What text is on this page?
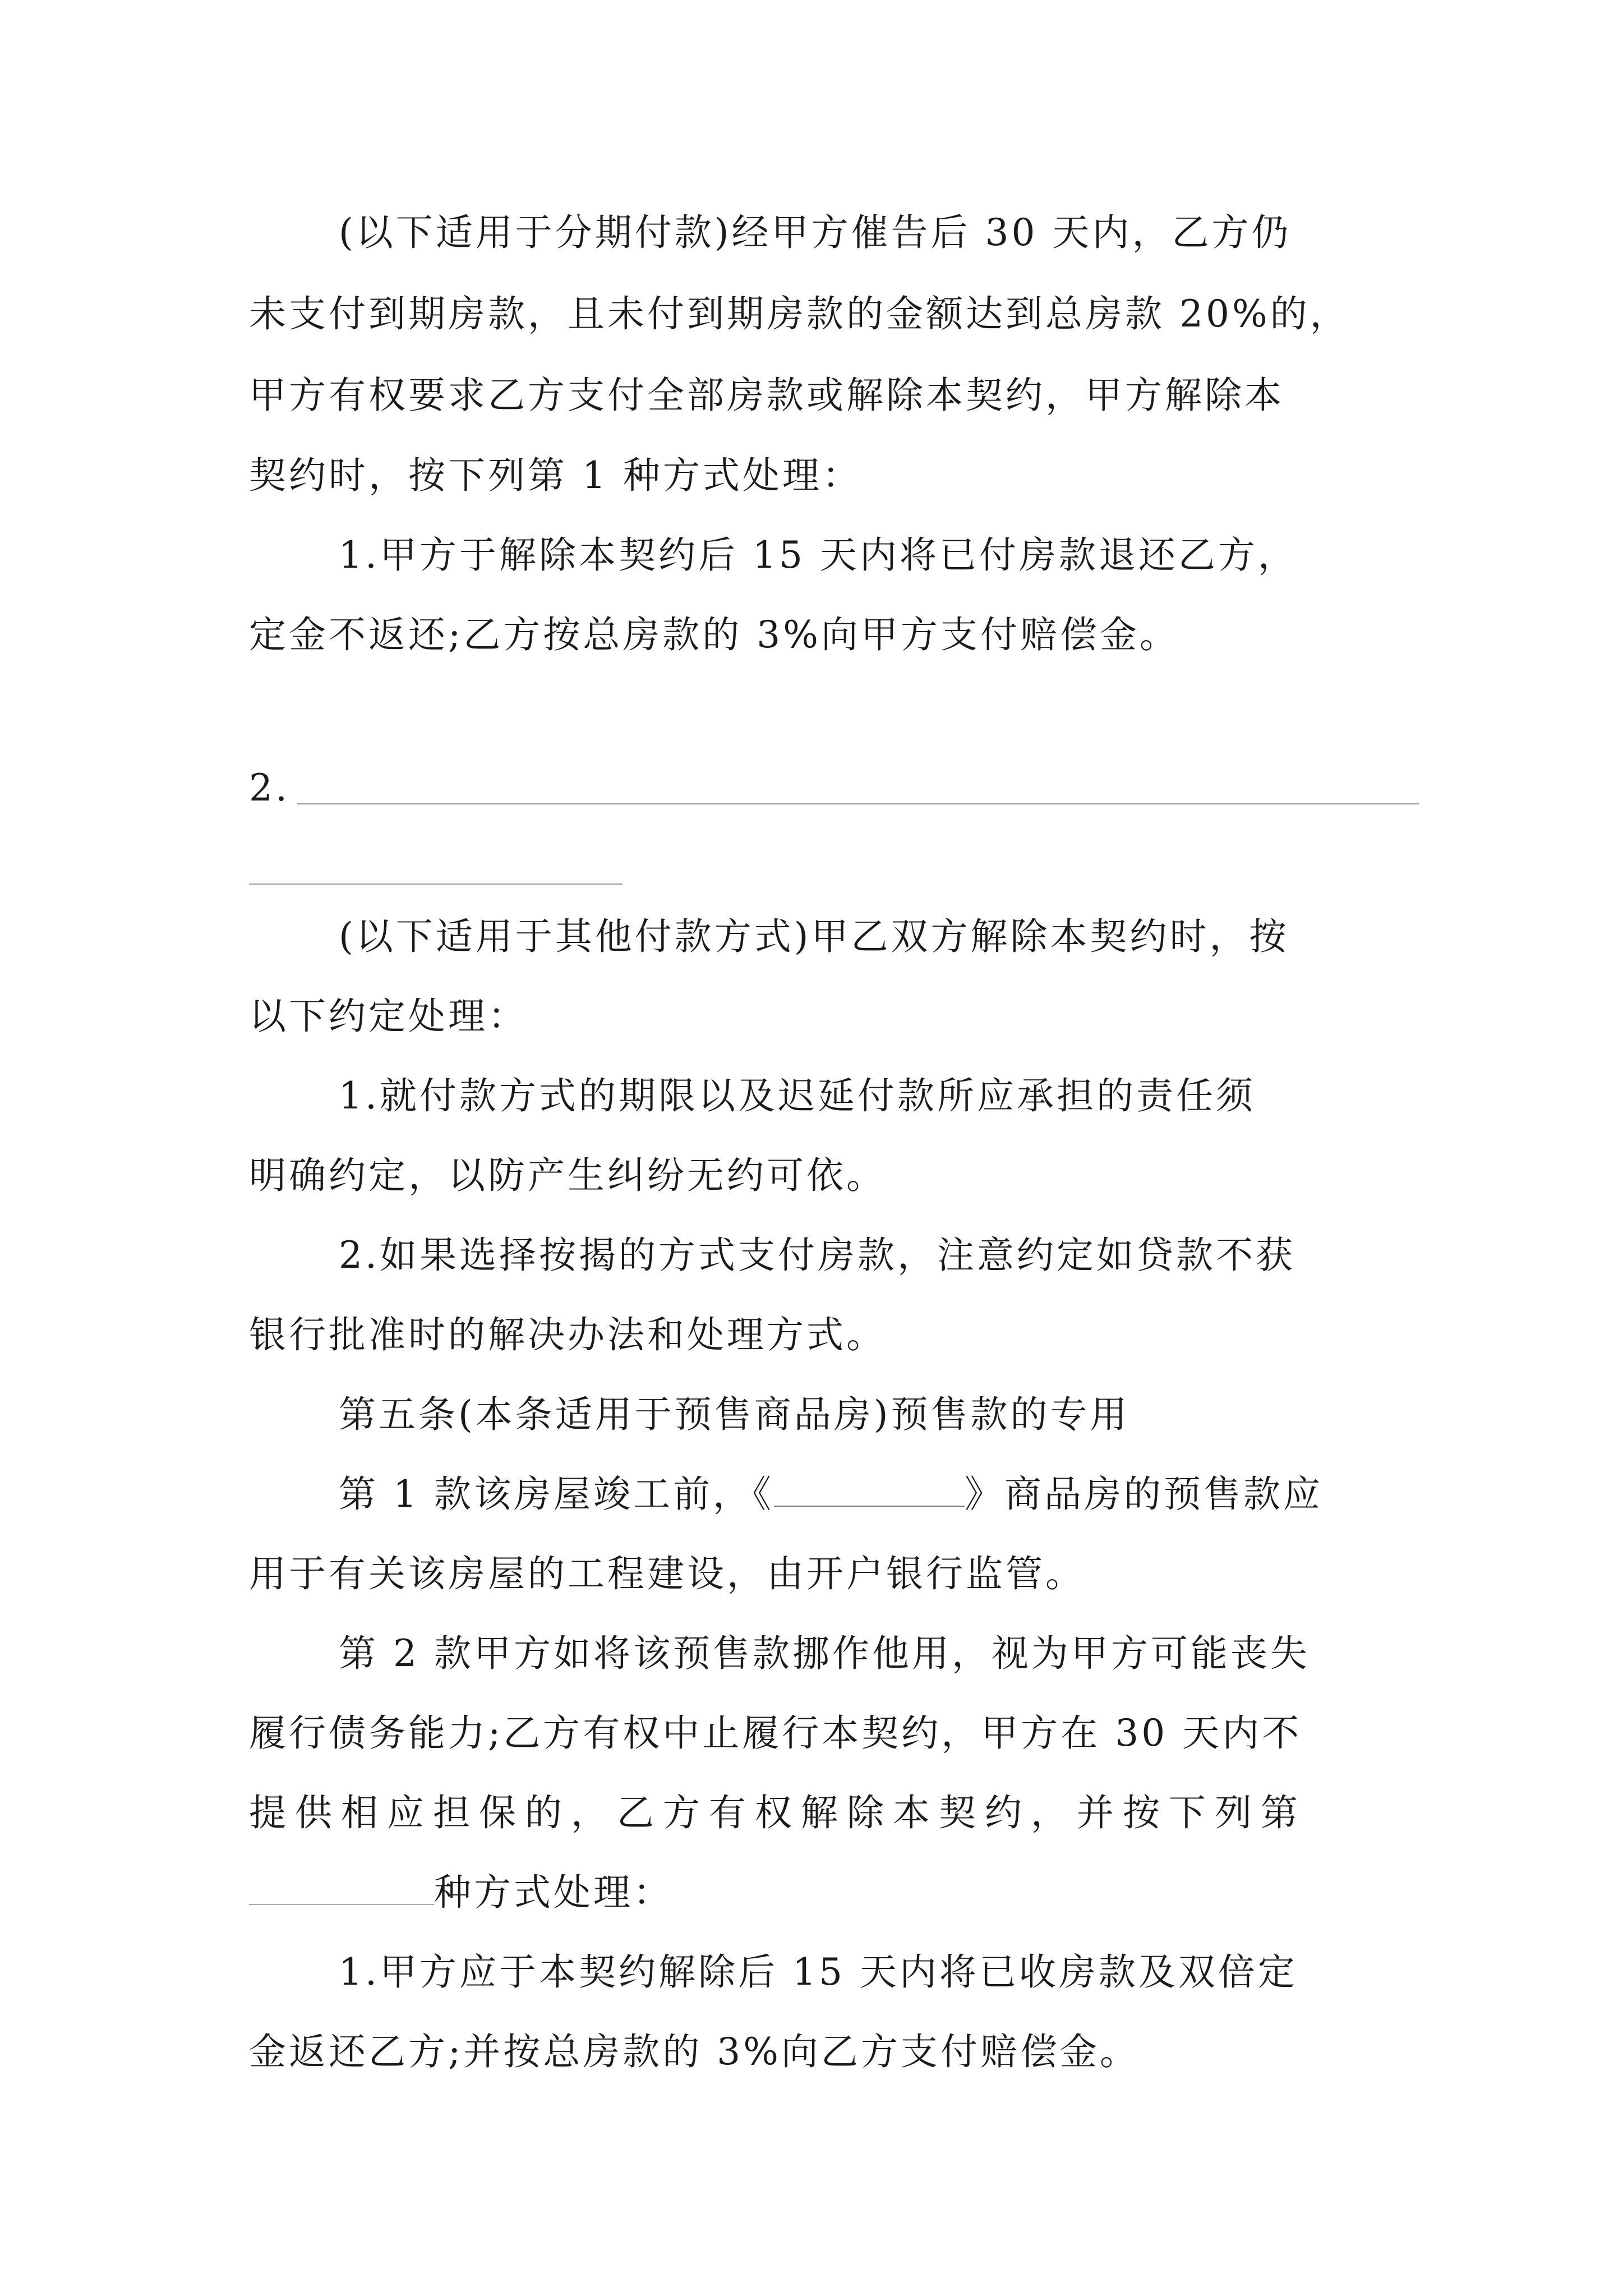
(以下适用于分期付款)经甲方催告后 30 天内，乙方仍
未支付到期房款，且未付到期房款的金额达到总房款 20%的，
甲方有权要求乙方支付全部房款或解除本契约，甲方解除本
契约时，按下列第 1 种方式处理：
1.甲方于解除本契约后 15 天内将已付房款退还乙方，
定金不返还;乙方按总房款的 3%向甲方支付赔偿金。
2.
(以下适用于其他付款方式)甲乙双方解除本契约时，按
以下约定处理：
1.就付款方式的期限以及迟延付款所应承担的责任须
明确约定，以防产生纠纷无约可依。
2.如果选择按揭的方式支付房款，注意约定如贷款不获
银行批准时的解决办法和处理方式。
第五条(本条适用于预售商品房)预售款的专用
第 1 款该房屋竣工前，《	》商品房的预售款应
用于有关该房屋的工程建设，由开户银行监管。
第 2 款甲方如将该预售款挪作他用，视为甲方可能丧失
履行债务能力;乙方有权中止履行本契约，甲方在 30 天内不
提供相应担保的，乙方有权解除本契约，并按下列第
种方式处理：
1.甲方应于本契约解除后 15 天内将已收房款及双倍定
金返还乙方;并按总房款的 3%向乙方支付赔偿金。
